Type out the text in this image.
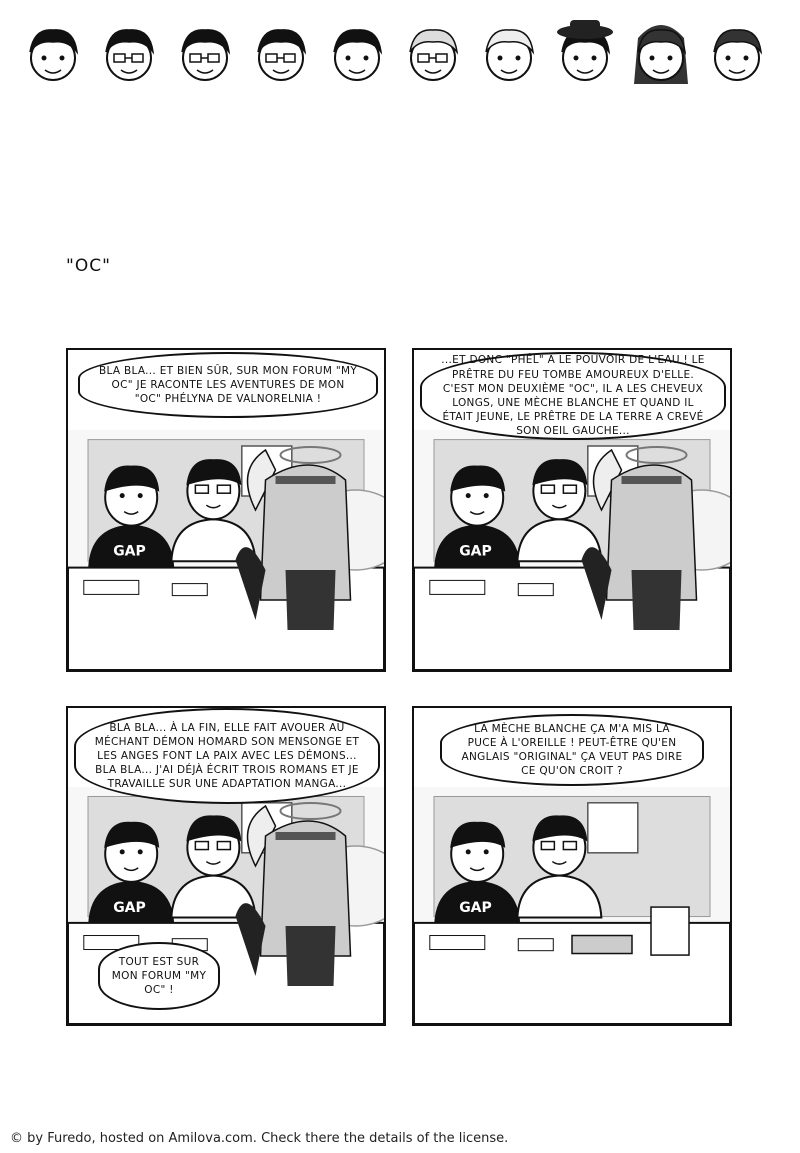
"OC"
GAP
BLA BLA... ET BIEN SÛR, SUR MON FORUM "MY OC" JE RACONTE LES AVENTURES DE MON "OC" PHÉLYNA DE VALNORELNIA !
GAP
...ET DONC "PHÉL" A LE POUVOIR DE L'EAU ! LE PRÊTRE DU FEU TOMBE AMOUREUX D'ELLE. C'EST MON DEUXIÈME "OC", IL A LES CHEVEUX LONGS, UNE MÈCHE BLANCHE ET QUAND IL ÉTAIT JEUNE, LE PRÊTRE DE LA TERRE A CREVÉ SON OEIL GAUCHE...
GAP
BLA BLA... À LA FIN, ELLE FAIT AVOUER AU MÉCHANT DÉMON HOMARD SON MENSONGE ET LES ANGES FONT LA PAIX AVEC LES DÉMONS... BLA BLA... J'AI DÉJÀ ÉCRIT TROIS ROMANS ET JE TRAVAILLE SUR UNE ADAPTATION MANGA...
TOUT EST SUR MON FORUM "MY OC" !
GAP
LA MÈCHE BLANCHE ÇA M'A MIS LA PUCE À L'OREILLE ! PEUT-ÊTRE QU'EN ANGLAIS "ORIGINAL" ÇA VEUT PAS DIRE CE QU'ON CROIT ?
© by Furedo, hosted on Amilova.com. Check there the details of the license.
